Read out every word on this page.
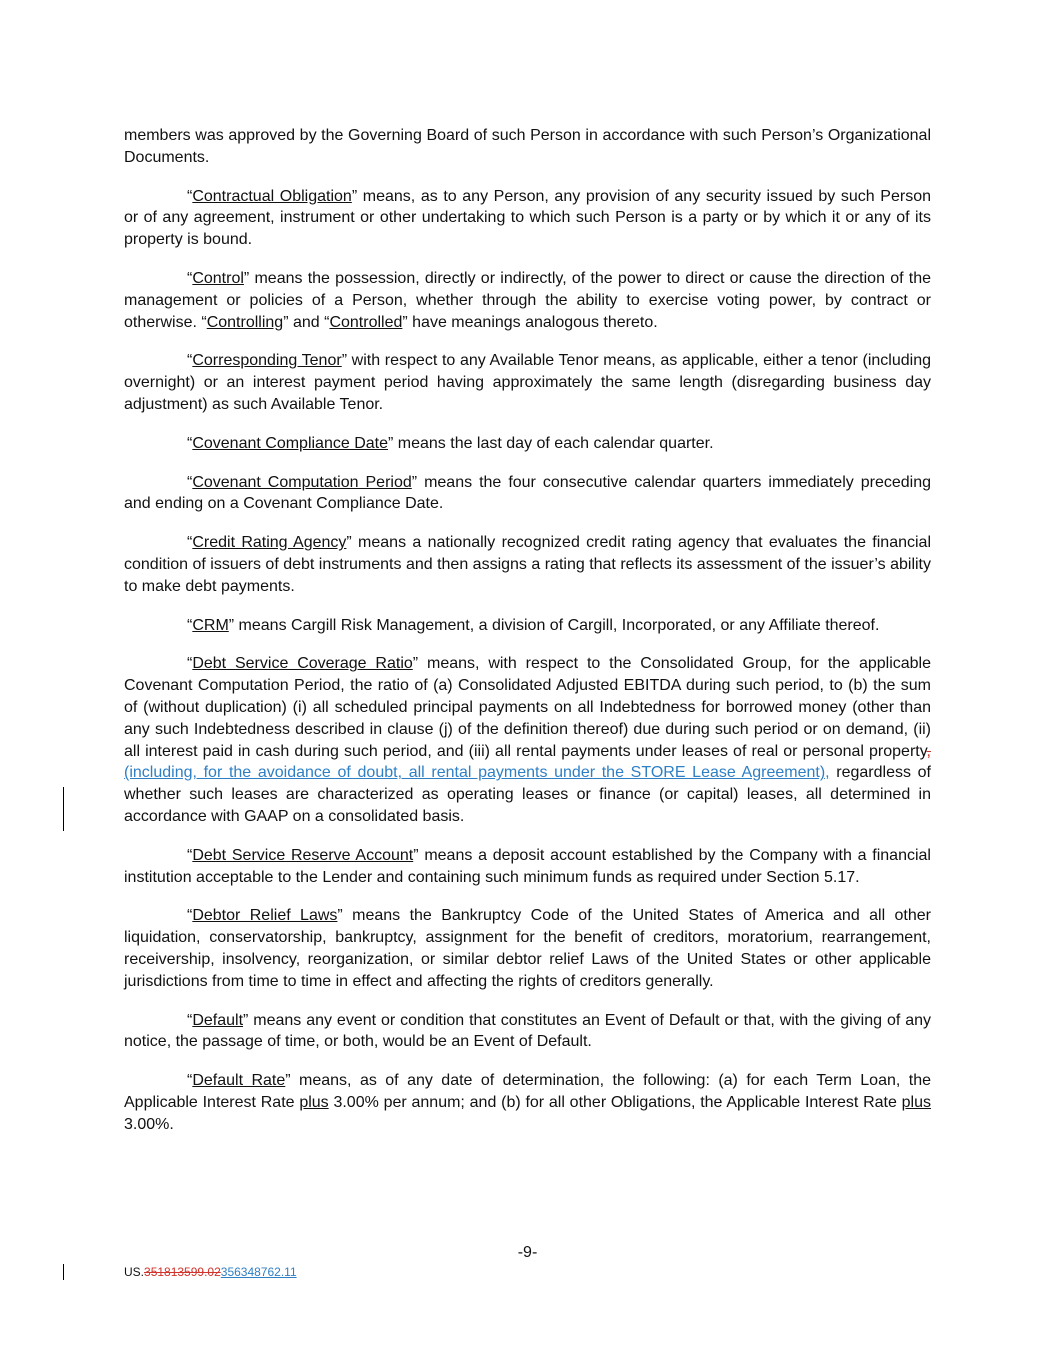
members was approved by the Governing Board of such Person in accordance with such Person’s Organizational Documents.

“Contractual Obligation” means, as to any Person, any provision of any security issued by such Person or of any agreement, instrument or other undertaking to which such Person is a party or by which it or any of its property is bound.

“Control” means the possession, directly or indirectly, of the power to direct or cause the direction of the management or policies of a Person, whether through the ability to exercise voting power, by contract or otherwise. “Controlling” and “Controlled” have meanings analogous thereto.

“Corresponding Tenor” with respect to any Available Tenor means, as applicable, either a tenor (including overnight) or an interest payment period having approximately the same length (disregarding business day adjustment) as such Available Tenor.

“Covenant Compliance Date” means the last day of each calendar quarter.

“Covenant Computation Period” means the four consecutive calendar quarters immediately preceding and ending on a Covenant Compliance Date.

“Credit Rating Agency” means a nationally recognized credit rating agency that evaluates the financial condition of issuers of debt instruments and then assigns a rating that reflects its assessment of the issuer’s ability to make debt payments.

“CRM” means Cargill Risk Management, a division of Cargill, Incorporated, or any Affiliate thereof.

“Debt Service Coverage Ratio” means, with respect to the Consolidated Group, for the applicable Covenant Computation Period, the ratio of (a) Consolidated Adjusted EBITDA during such period, to (b) the sum of (without duplication) (i) all scheduled principal payments on all Indebtedness for borrowed money (other than any such Indebtedness described in clause (j) of the definition thereof) due during such period or on demand, (ii) all interest paid in cash during such period, and (iii) all rental payments under leases of real or personal property, (including, for the avoidance of doubt, all rental payments under the STORE Lease Agreement), regardless of whether such leases are characterized as operating leases or finance (or capital) leases, all determined in accordance with GAAP on a consolidated basis.

“Debt Service Reserve Account” means a deposit account established by the Company with a financial institution acceptable to the Lender and containing such minimum funds as required under Section 5.17.

“Debtor Relief Laws” means the Bankruptcy Code of the United States of America and all other liquidation, conservatorship, bankruptcy, assignment for the benefit of creditors, moratorium, rearrangement, receivership, insolvency, reorganization, or similar debtor relief Laws of the United States or other applicable jurisdictions from time to time in effect and affecting the rights of creditors generally.

“Default” means any event or condition that constitutes an Event of Default or that, with the giving of any notice, the passage of time, or both, would be an Event of Default.

“Default Rate” means, as of any date of determination, the following: (a) for each Term Loan, the Applicable Interest Rate plus 3.00% per annum; and (b) for all other Obligations, the Applicable Interest Rate plus 3.00%.

-9-
US.351813599.02356348762.11
